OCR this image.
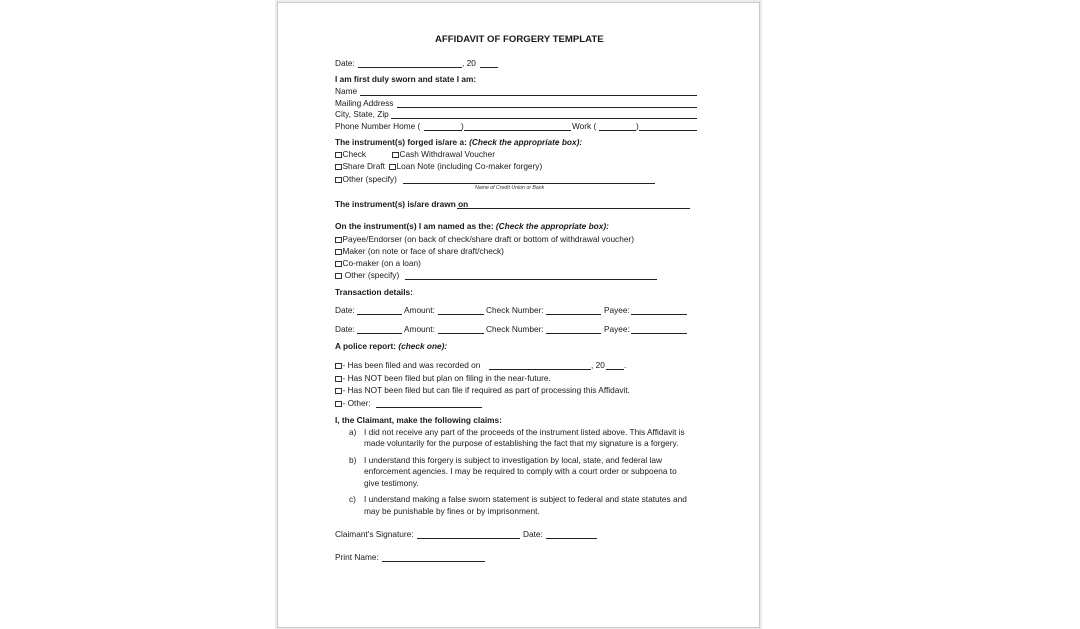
AFFIDAVIT OF FORGERY TEMPLATE
Date:	, 20
I am first duly sworn and state I am:
Name
Mailing Address
City, State, Zip
Phone Number Home (	)	Work (	)
The instrument(s) forged is/are a: (Check the appropriate box):
Check	Cash Withdrawal Voucher
Share Draft	Loan Note (including Co-maker forgery)
Other (specify)
Name of Credit Union or Bank
The instrument(s) is/are drawn on
On the instrument(s) I am named as the: (Check the appropriate box):
Payee/Endorser (on back of check/share draft or bottom of withdrawal voucher)
Maker (on note or face of share draft/check)
Co-maker (on a loan)
Other (specify)
Transaction details:
Date:	Amount:	Check Number:	Payee:
Date:	Amount:	Check Number:	Payee:
A police report: (check one):
- Has been filed and was recorded on	, 20 .
- Has NOT been filed but plan on filing in the near-future.
- Has NOT been filed but can file if required as part of processing this Affidavit.
- Other:
I, the Claimant, make the following claims:
a) I did not receive any part of the proceeds of the instrument listed above. This Affidavit is
made voluntarily for the purpose of establishing the fact that my signature is a forgery.
b) I understand this forgery is subject to investigation by local, state, and federal law
enforcement agencies. I may be required to comply with a court order or subpoena to
give testimony.
c) I understand making a false sworn statement is subject to federal and state statutes and
may be punishable by fines or by imprisonment.
Claimant's Signature:	Date:
Print Name:
